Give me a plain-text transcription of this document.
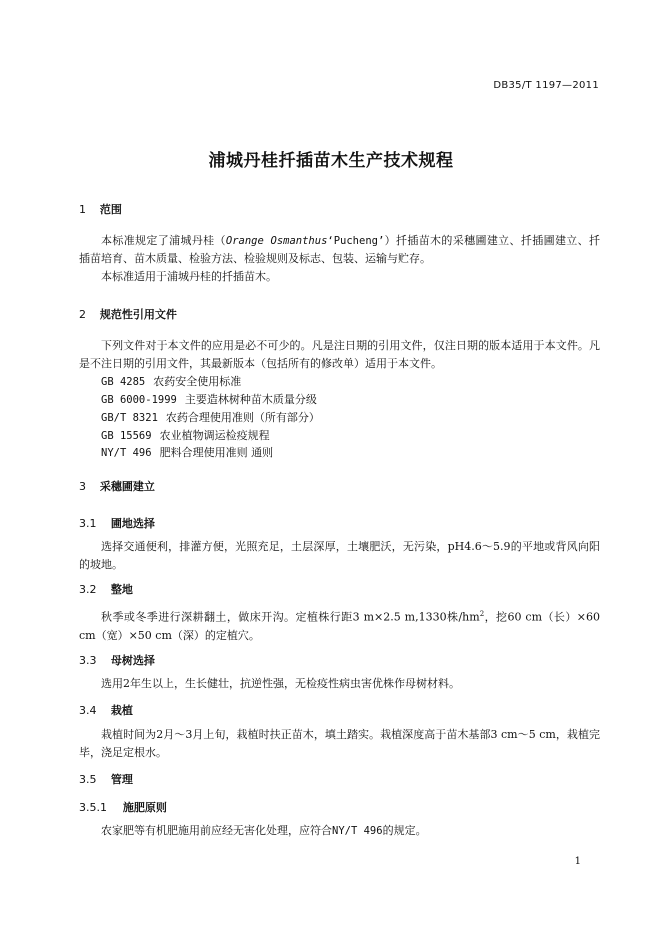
DB35/T 1197—2011
浦城丹桂扦插苗木生产技术规程
1 范围
本标准规定了浦城丹桂（Orange Osmanthus‘Pucheng’）扦插苗木的采穗圃建立、扦插圃建立、扦插苗培育、苗木质量、检验方法、检验规则及标志、包装、运输与贮存。
本标准适用于浦城丹桂的扦插苗木。
2 规范性引用文件
下列文件对于本文件的应用是必不可少的。凡是注日期的引用文件，仅注日期的版本适用于本文件。凡是不注日期的引用文件，其最新版本（包括所有的修改单）适用于本文件。
GB 4285 农药安全使用标准
GB 6000-1999 主要造林树种苗木质量分级
GB/T 8321 农药合理使用准则（所有部分）
GB 15569 农业植物调运检疫规程
NY/T 496 肥料合理使用准则 通则
3 采穗圃建立
3.1 圃地选择
选择交通便利，排灌方便，光照充足，土层深厚，土壤肥沃，无污染，pH4.6～5.9的平地或背风向阳的坡地。
3.2 整地
秋季或冬季进行深耕翻土，做床开沟。定植株行距3 m×2.5 m,1330株$/hm^2$，挖60 cm（长）×60 cm（宽）×50 cm（深）的定植穴。
3.3 母树选择
选用2年生以上，生长健壮，抗逆性强，无检疫性病虫害优株作母树材料。
3.4 栽植
栽植时间为2月～3月上旬，栽植时扶正苗木，填土踏实。栽植深度高于苗木基部3 cm～5 cm，栽植完毕，浇足定根水。
3.5 管理
3.5.1 施肥原则
农家肥等有机肥施用前应经无害化处理，应符合NY/T 496的规定。
1
